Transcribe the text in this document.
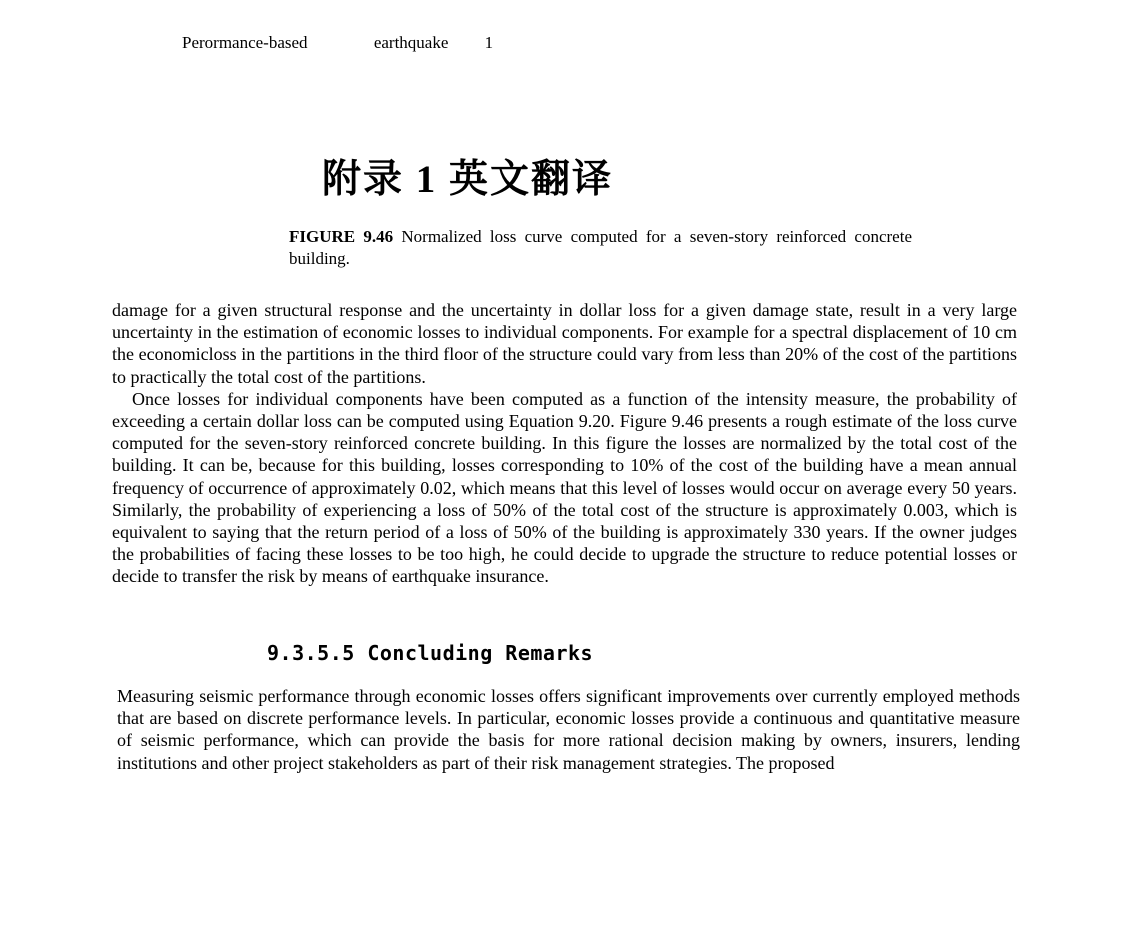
Perormance-based	earthquake 1
附录 1 英文翻译

FIGURE 9.46 Normalized loss curve computed for a seven-story reinforced concrete building.

damage for a given structural response and the uncertainty in dollar loss for a given damage state, result in a very large uncertainty in the estimation of economic losses to individual components. For example for a spectral displacement of 10 cm the economicloss in the partitions in the third floor of the structure could vary from less than 20% of the cost of the partitions to practically the total cost of the partitions.

Once losses for individual components have been computed as a function of the intensity measure, the probability of exceeding a certain dollar loss can be computed using Equation 9.20. Figure 9.46 presents a rough estimate of the loss curve computed for the seven-story reinforced concrete building. In this figure the losses are normalized by the total cost of the building. It can be, because for this building, losses corresponding to 10% of the cost of the building have a mean annual frequency of occurrence of approximately 0.02, which means that this level of losses would occur on average every 50 years. Similarly, the probability of experiencing a loss of 50% of the total cost of the structure is approximately 0.003, which is equivalent to saying that the return period of a loss of 50% of the building is approximately 330 years. If the owner judges the probabilities of facing these losses to be too high, he could decide to upgrade the structure to reduce potential losses or decide to transfer the risk by means of earthquake insurance.

9.3.5.5 Concluding Remarks

Measuring seismic performance through economic losses offers significant improvements over currently employed methods that are based on discrete performance levels. In particular, economic losses provide a continuous and quantitative measure of seismic performance, which can provide the basis for more rational decision making by owners, insurers, lending institutions and other project stakeholders as part of their risk management strategies. The proposed
